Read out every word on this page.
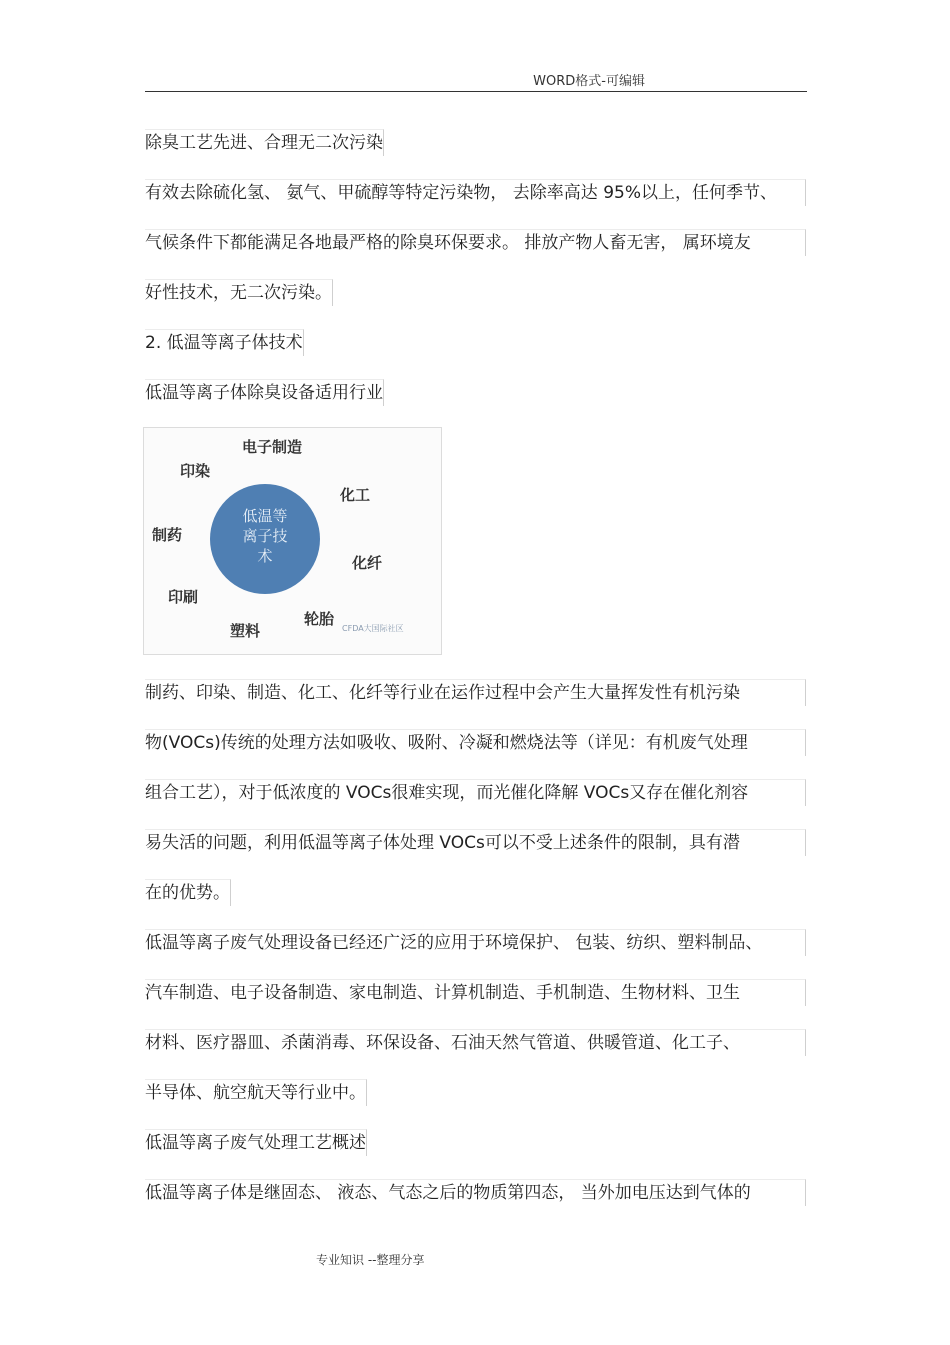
WORD格式-可编辑
除臭工艺先进、合理无二次污染
有效去除硫化氢、 氨气、甲硫醇等特定污染物， 去除率高达 95%以上，任何季节、
气候条件下都能满足各地最严格的除臭环保要求。 排放产物人畜无害， 属环境友
好性技术，无二次污染。
2. 低温等离子体技术
低温等离子体除臭设备适用行业
电子制造
印染
化工
制药
化纤
印刷
轮胎
塑料
低温等
离子技
术
CFDA大国际社区
制药、印染、制造、化工、化纤等行业在运作过程中会产生大量挥发性有机污染
物(VOCs)传统的处理方法如吸收、吸附、冷凝和燃烧法等（详见：有机废气处理
组合工艺），对于低浓度的 VOCs很难实现，而光催化降解 VOCs又存在催化剂容
易失活的问题，利用低温等离子体处理 VOCs可以不受上述条件的限制，具有潜
在的优势。
低温等离子废气处理设备已经还广泛的应用于环境保护、 包装、纺织、塑料制品、
汽车制造、电子设备制造、家电制造、计算机制造、手机制造、生物材料、卫生
材料、医疗器皿、杀菌消毒、环保设备、石油天然气管道、供暖管道、化工子、
半导体、航空航天等行业中。
低温等离子废气处理工艺概述
低温等离子体是继固态、 液态、气态之后的物质第四态， 当外加电压达到气体的
专业知识 --整理分享
